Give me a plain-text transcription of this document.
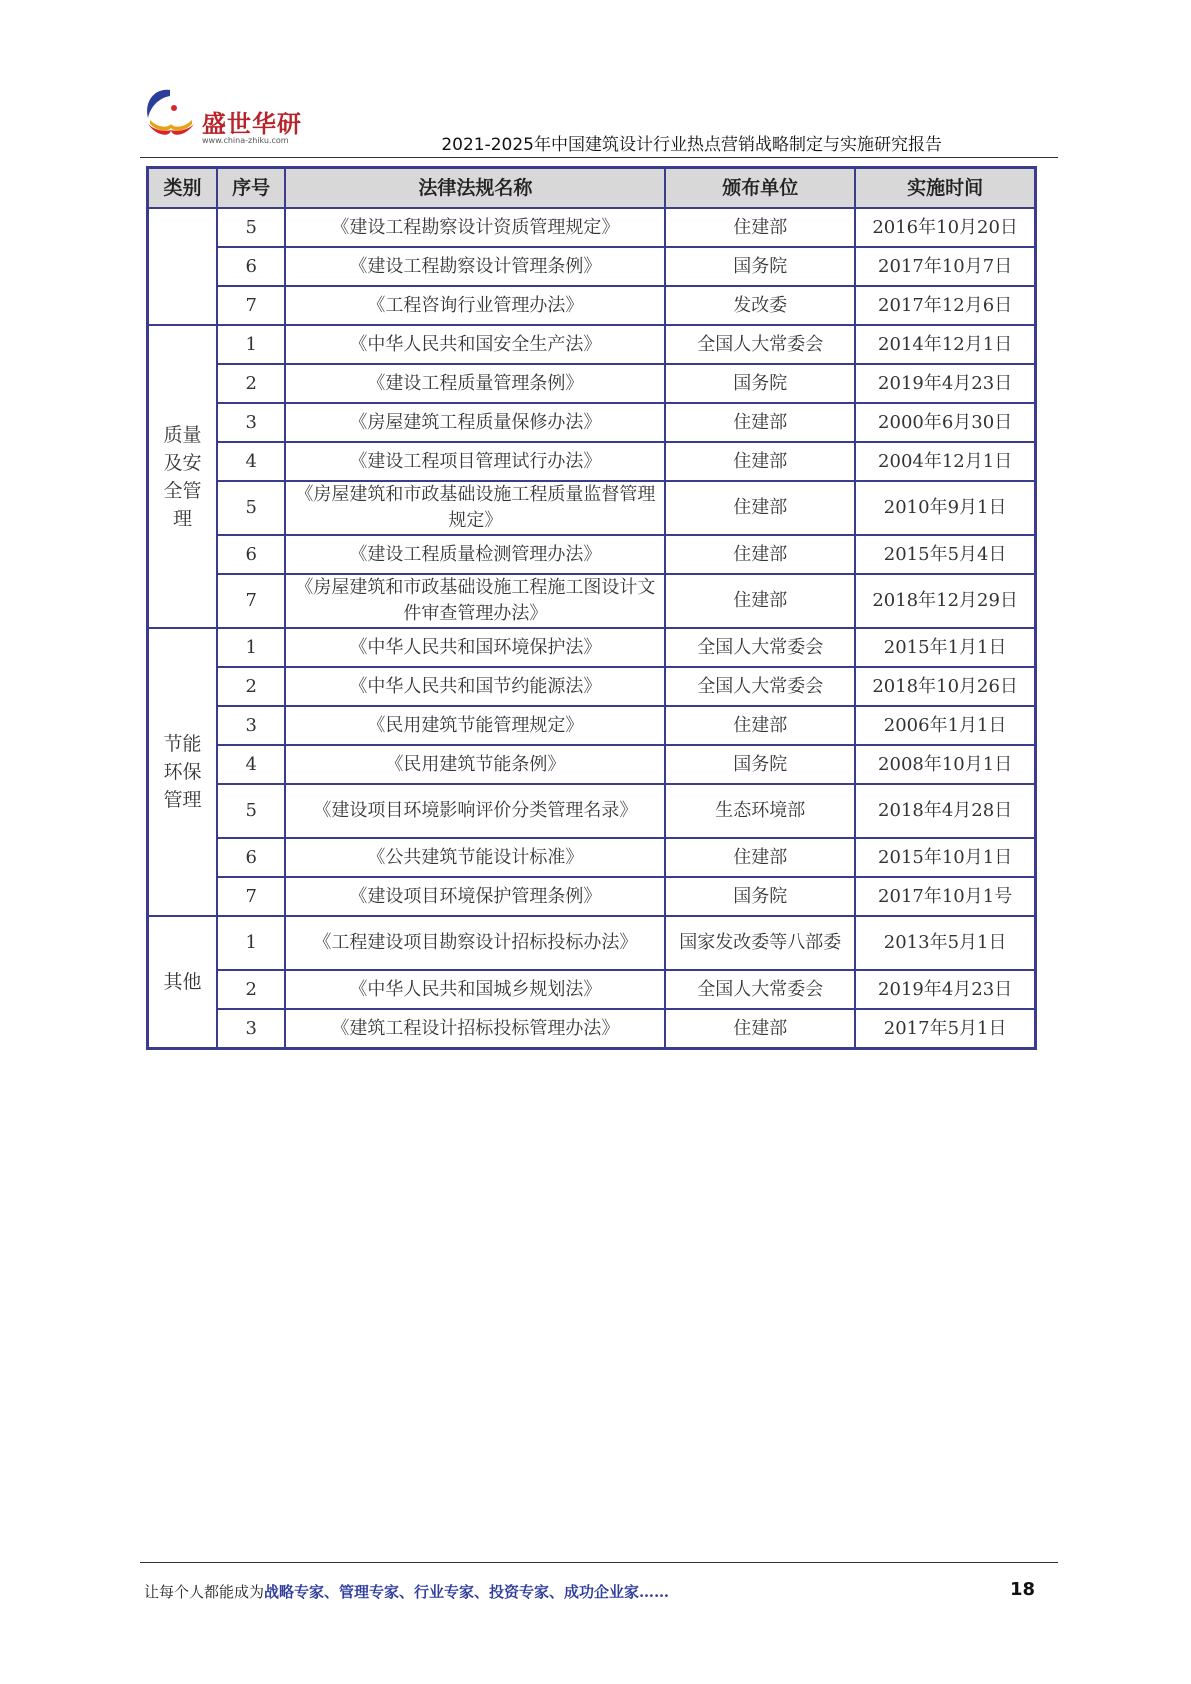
盛世华研
www.china-zhiku.com	2021-2025年中国建筑设计行业热点营销战略制定与实施研究报告
类别	序号	法律法规名称	颁布单位	实施时间
	5	《建设工程勘察设计资质管理规定》	住建部	2016年10月20日
	6	《建设工程勘察设计管理条例》	国务院	2017年10月7日
	7	《工程咨询行业管理办法》	发改委	2017年12月6日
质量及安全管理	1	《中华人民共和国安全生产法》	全国人大常委会	2014年12月1日
	2	《建设工程质量管理条例》	国务院	2019年4月23日
	3	《房屋建筑工程质量保修办法》	住建部	2000年6月30日
	4	《建设工程项目管理试行办法》	住建部	2004年12月1日
	5	《房屋建筑和市政基础设施工程质量监督管理规定》	住建部	2010年9月1日
	6	《建设工程质量检测管理办法》	住建部	2015年5月4日
	7	《房屋建筑和市政基础设施工程施工图设计文件审查管理办法》	住建部	2018年12月29日
节能环保管理	1	《中华人民共和国环境保护法》	全国人大常委会	2015年1月1日
	2	《中华人民共和国节约能源法》	全国人大常委会	2018年10月26日
	3	《民用建筑节能管理规定》	住建部	2006年1月1日
	4	《民用建筑节能条例》	国务院	2008年10月1日
	5	《建设项目环境影响评价分类管理名录》	生态环境部	2018年4月28日
	6	《公共建筑节能设计标准》	住建部	2015年10月1日
	7	《建设项目环境保护管理条例》	国务院	2017年10月1号
其他	1	《工程建设项目勘察设计招标投标办法》	国家发改委等八部委	2013年5月1日
	2	《中华人民共和国城乡规划法》	全国人大常委会	2019年4月23日
	3	《建筑工程设计招标投标管理办法》	住建部	2017年5月1日
让每个人都能成为战略专家、管理专家、行业专家、投资专家、成功企业家……	18
